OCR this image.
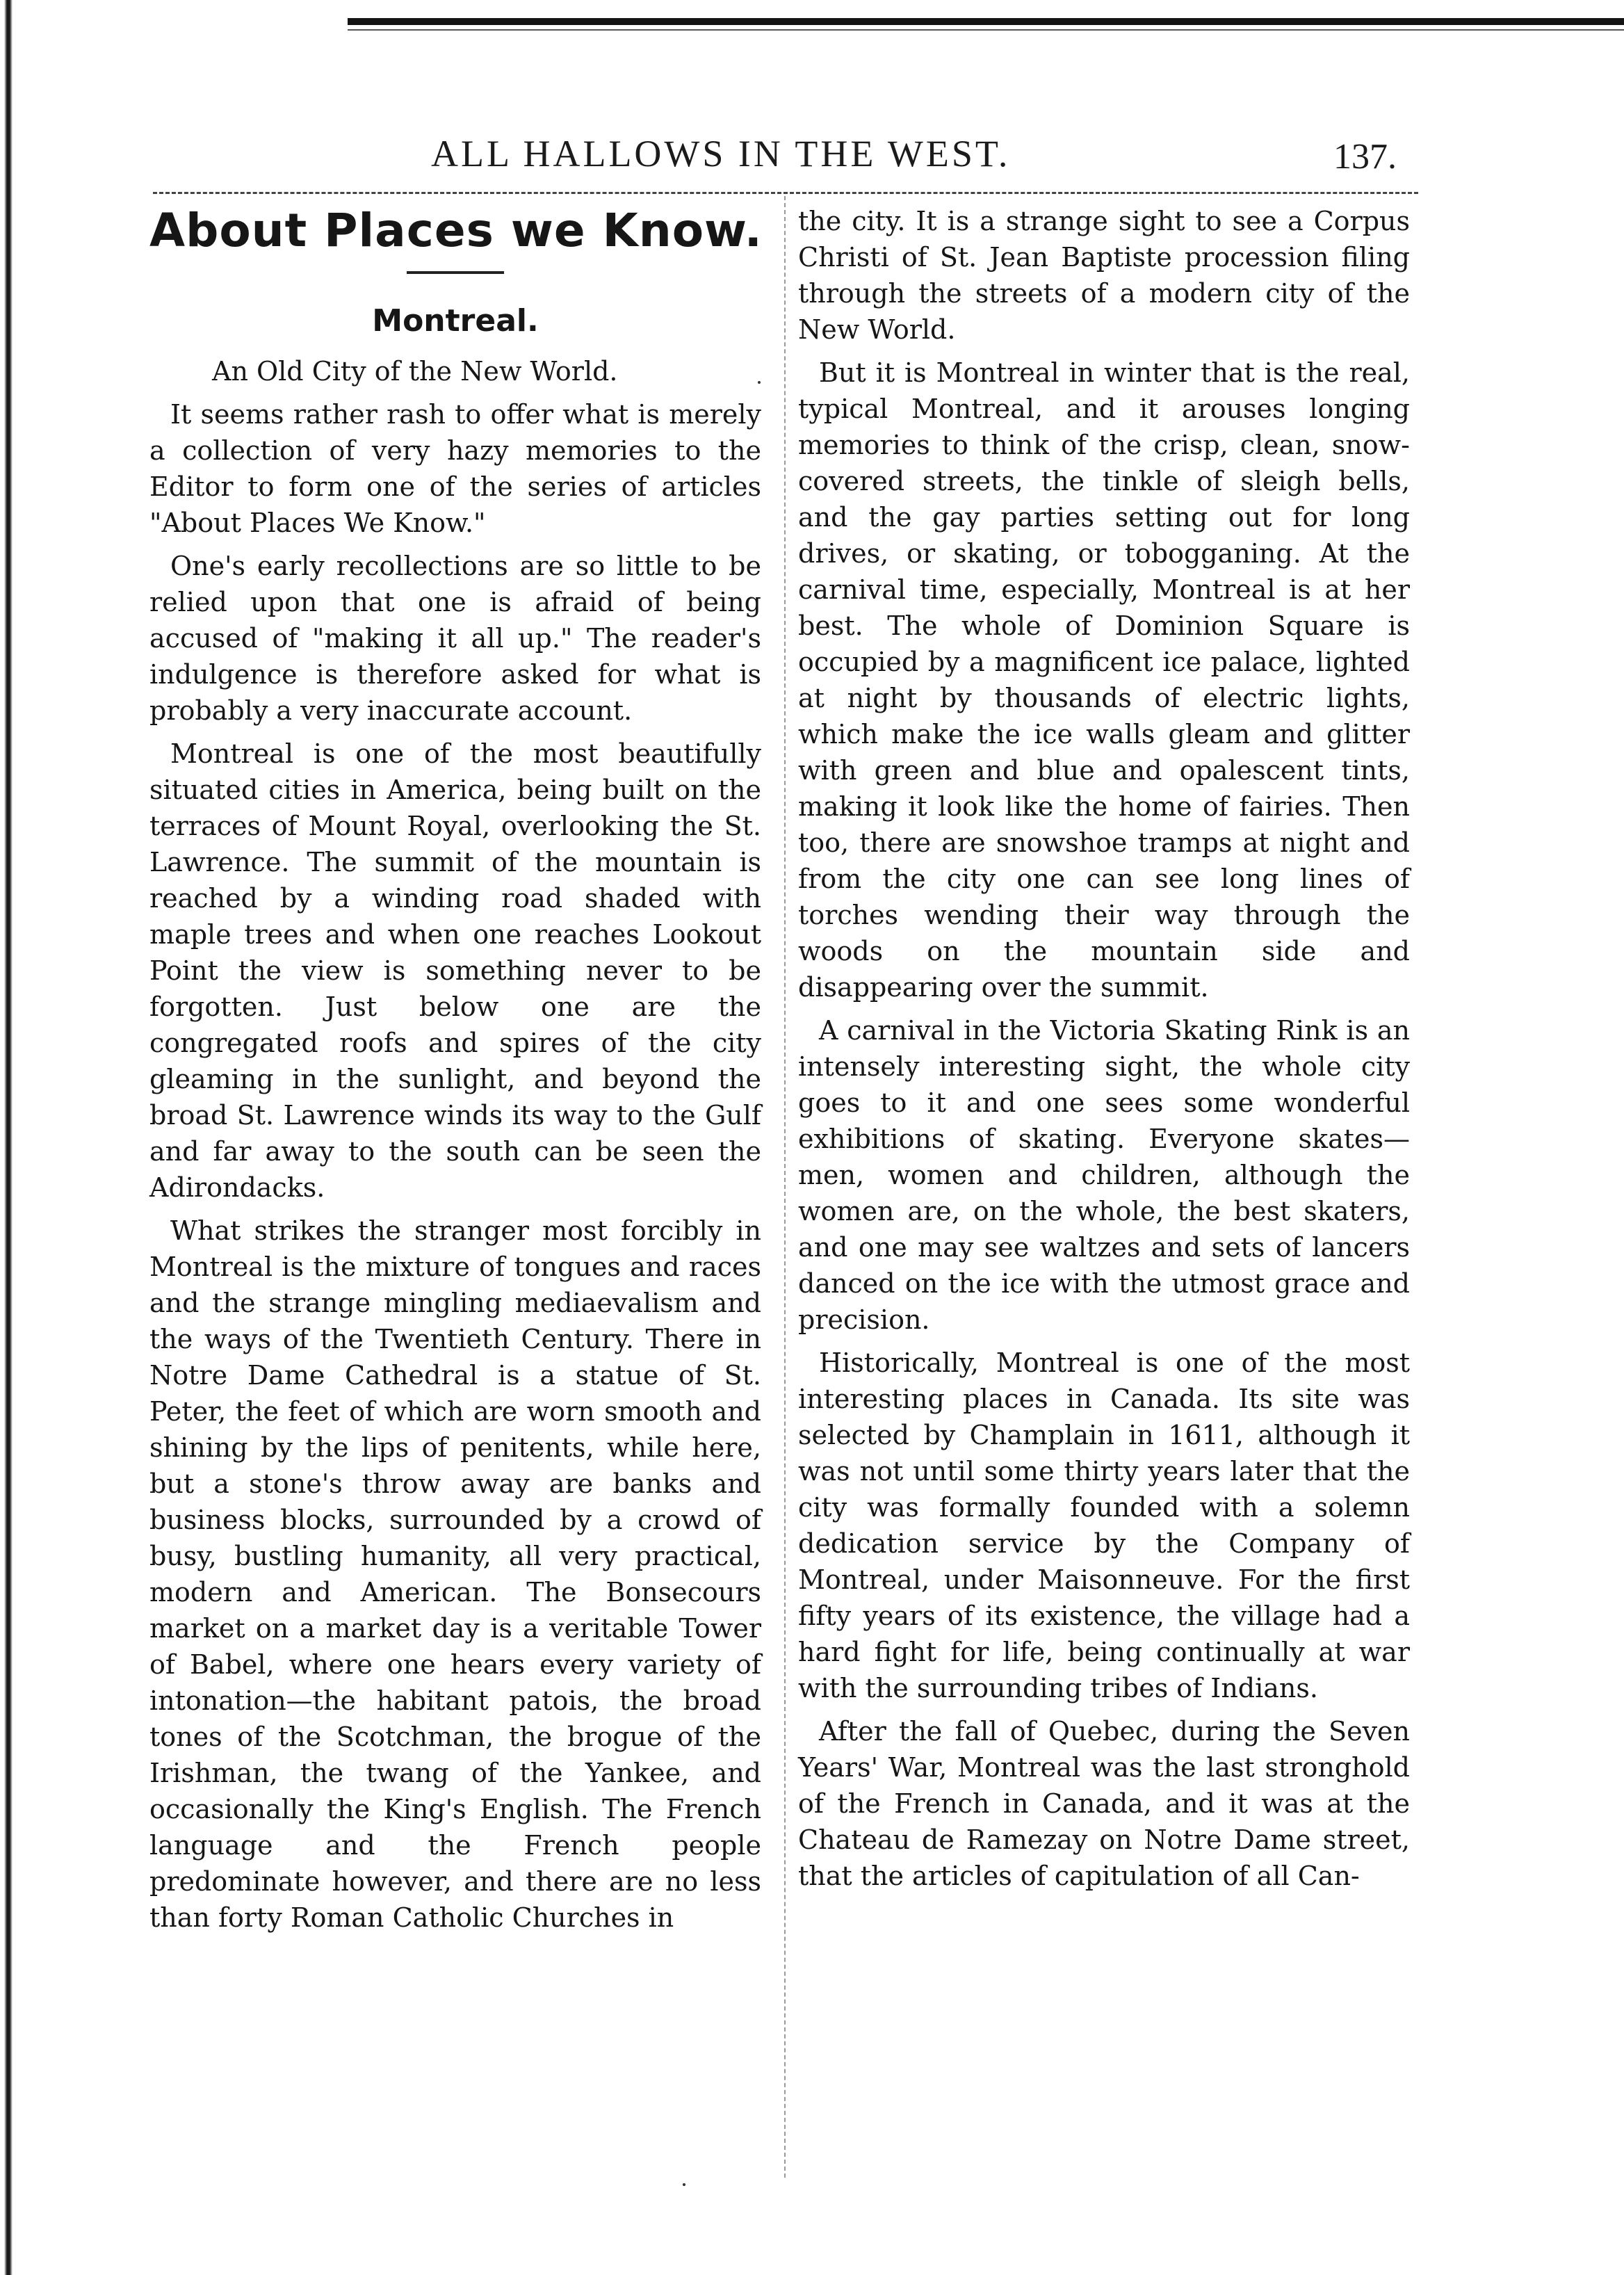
ALL HALLOWS IN THE WEST.	137.
About Places we Know.
Montreal.

An Old City of the New World.

It seems rather rash to offer what is merely a collection of very hazy memories to the Editor to form one of the series of articles "About Places We Know."

One's early recollections are so little to be relied upon that one is afraid of being accused of "making it all up." The reader's indulgence is therefore asked for what is probably a very inaccurate account.

Montreal is one of the most beautifully situated cities in America, being built on the terraces of Mount Royal, overlooking the St. Lawrence. The summit of the mountain is reached by a winding road shaded with maple trees and when one reaches Lookout Point the view is something never to be forgotten. Just below one are the congregated roofs and spires of the city gleaming in the sunlight, and beyond the broad St. Lawrence winds its way to the Gulf and far away to the south can be seen the Adirondacks.

What strikes the stranger most forcibly in Montreal is the mixture of tongues and races and the strange mingling mediaevalism and the ways of the Twentieth Century. There in Notre Dame Cathedral is a statue of St. Peter, the feet of which are worn smooth and shining by the lips of penitents, while here, but a stone's throw away are banks and business blocks, surrounded by a crowd of busy, bustling humanity, all very practical, modern and American. The Bonsecours market on a market day is a veritable Tower of Babel, where one hears every variety of intonation—the habitant patois, the broad tones of the Scotchman, the brogue of the Irishman, the twang of the Yankee, and occasionally the King's English. The French language and the French people predominate however, and there are no less than forty Roman Catholic Churches in

the city. It is a strange sight to see a Corpus Christi of St. Jean Baptiste procession filing through the streets of a modern city of the New World.

But it is Montreal in winter that is the real, typical Montreal, and it arouses longing memories to think of the crisp, clean, snow-covered streets, the tinkle of sleigh bells, and the gay parties setting out for long drives, or skating, or tobogganing. At the carnival time, especially, Montreal is at her best. The whole of Dominion Square is occupied by a magnificent ice palace, lighted at night by thousands of electric lights, which make the ice walls gleam and glitter with green and blue and opalescent tints, making it look like the home of fairies. Then too, there are snowshoe tramps at night and from the city one can see long lines of torches wending their way through the woods on the mountain side and disappearing over the summit.

A carnival in the Victoria Skating Rink is an intensely interesting sight, the whole city goes to it and one sees some wonderful exhibitions of skating. Everyone skates—men, women and children, although the women are, on the whole, the best skaters, and one may see waltzes and sets of lancers danced on the ice with the utmost grace and precision.

Historically, Montreal is one of the most interesting places in Canada. Its site was selected by Champlain in 1611, although it was not until some thirty years later that the city was formally founded with a solemn dedication service by the Company of Montreal, under Maisonneuve. For the first fifty years of its existence, the village had a hard fight for life, being continually at war with the surrounding tribes of Indians.

After the fall of Quebec, during the Seven Years' War, Montreal was the last stronghold of the French in Canada, and it was at the Chateau de Ramezay on Notre Dame street, that the articles of capitulation of all Can-
